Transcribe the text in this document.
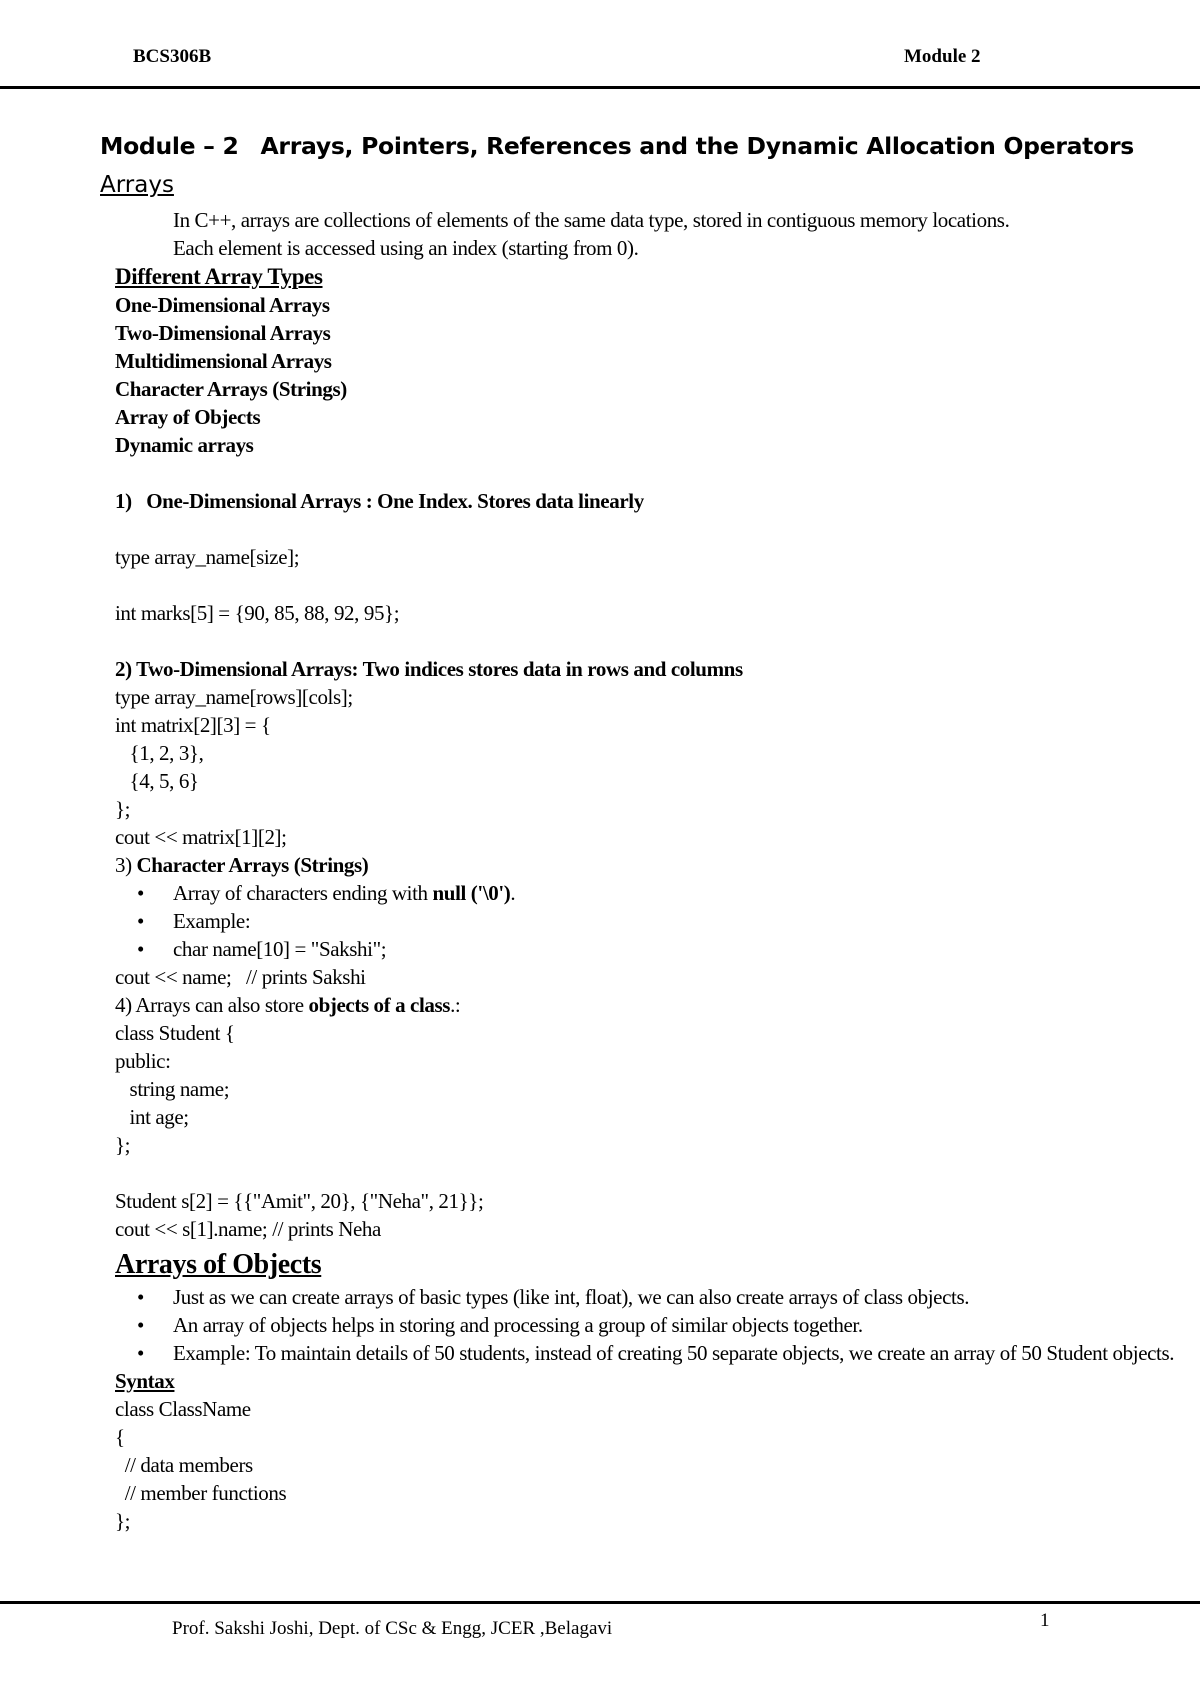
BCS306B	Module 2
Module – 2 Arrays, Pointers, References and the Dynamic Allocation Operators
Arrays
In C++, arrays are collections of elements of the same data type, stored in contiguous memory locations.
Each element is accessed using an index (starting from 0).
Different Array Types
One-Dimensional Arrays
Two-Dimensional Arrays
Multidimensional Arrays
Character Arrays (Strings)
Array of Objects
Dynamic arrays
1)   One-Dimensional Arrays : One Index. Stores data linearly
type array_name[size];
int marks[5] = {90, 85, 88, 92, 95};
2) Two-Dimensional Arrays: Two indices stores data in rows and columns
type array_name[rows][cols];
int matrix[2][3] = {
{1, 2, 3},
{4, 5, 6}
};
cout << matrix[1][2];
3) Character Arrays (Strings)
• Array of characters ending with null ('\0').
• Example:
• char name[10] = "Sakshi";
cout << name;   // prints Sakshi
4) Arrays can also store objects of a class.:
class Student {
public:
string name;
int age;
};
Student s[2] = {{"Amit", 20}, {"Neha", 21}};
cout << s[1].name; // prints Neha
Arrays of Objects
• Just as we can create arrays of basic types (like int, float), we can also create arrays of class objects.
• An array of objects helps in storing and processing a group of similar objects together.
• Example: To maintain details of 50 students, instead of creating 50 separate objects, we create an array of 50 Student objects.
Syntax
class ClassName
{
// data members
// member functions
};
Prof. Sakshi Joshi, Dept. of CSc & Engg, JCER ,Belagavi	1
